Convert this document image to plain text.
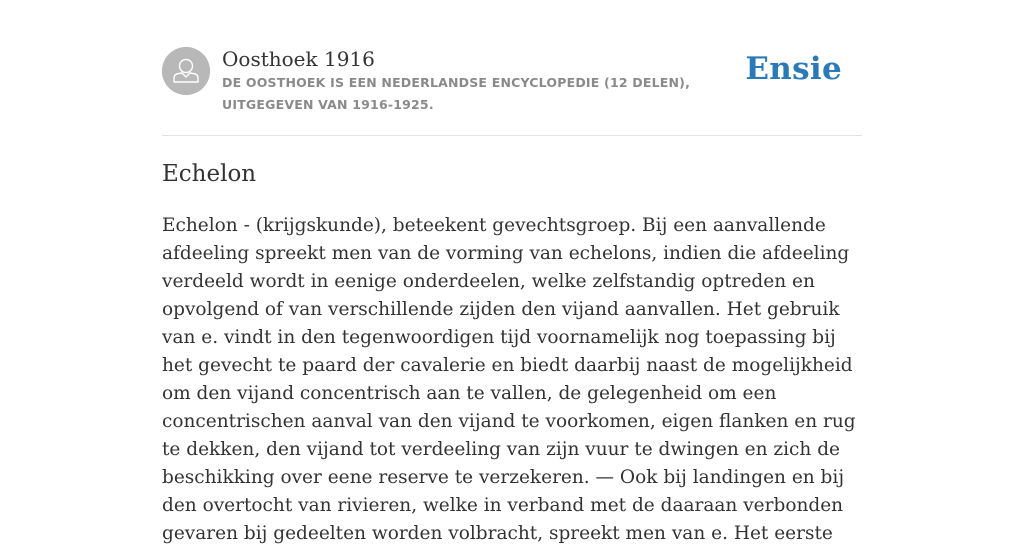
Oosthoek 1916

DE OOSTHOEK IS EEN NEDERLANDSE ENCYCLOPEDIE (12 DELEN), UITGEGEVEN VAN 1916-1925.

Ensie
Echelon

Echelon - (krijgskunde), beteekent gevechtsgroep. Bij een aanvallende afdeeling spreekt men van de vorming van echelons, indien die afdeeling verdeeld wordt in eenige onderdeelen, welke zelfstandig optreden en opvolgend of van verschillende zijden den vijand aanvallen. Het gebruik van e. vindt in den tegenwoordigen tijd voornamelijk nog toepassing bij het gevecht te paard der cavalerie en biedt daarbij naast de mogelijkheid om den vijand concentrisch aan te vallen, de gelegenheid om een concentrischen aanval van den vijand te voorkomen, eigen flanken en rug te dekken, den vijand tot verdeeling van zijn vuur te dwingen en zich de beschikking over eene reserve te verzekeren. — Ook bij landingen en bij den overtocht van rivieren, welke in verband met de daaraan verbonden gevaren bij gedeelten worden volbracht, spreekt men van e. Het eerste
